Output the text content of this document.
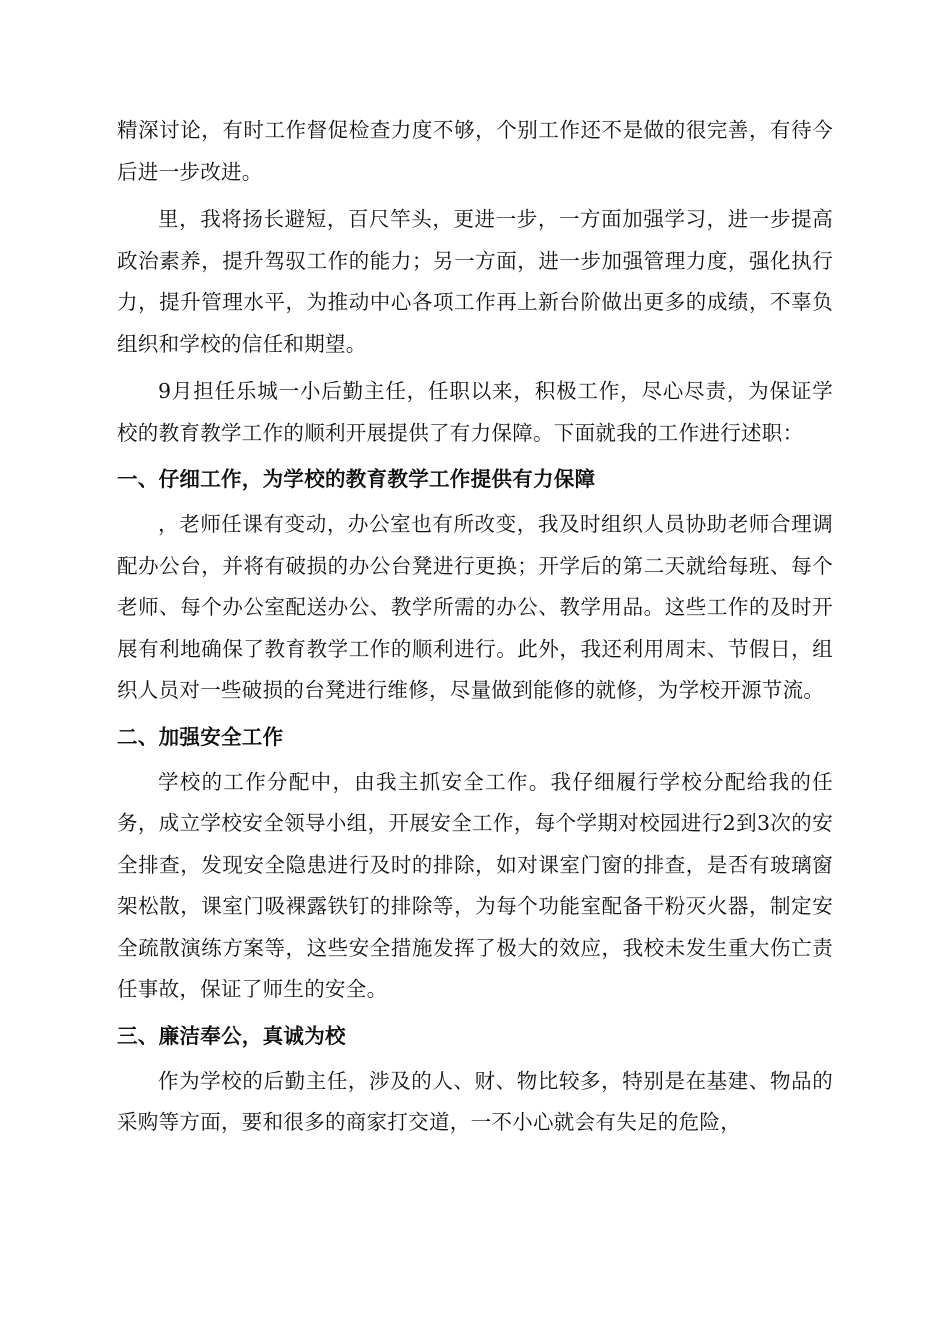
精深讨论，有时工作督促检查力度不够，个别工作还不是做的很完善，有待今后进一步改进。

里，我将扬长避短，百尺竿头，更进一步，一方面加强学习，进一步提高政治素养，提升驾驭工作的能力；另一方面，进一步加强管理力度，强化执行力，提升管理水平，为推动中心各项工作再上新台阶做出更多的成绩，不辜负组织和学校的信任和期望。

9月担任乐城一小后勤主任，任职以来，积极工作，尽心尽责，为保证学校的教育教学工作的顺利开展提供了有力保障。下面就我的工作进行述职：

一、仔细工作，为学校的教育教学工作提供有力保障

，老师任课有变动，办公室也有所改变，我及时组织人员协助老师合理调配办公台，并将有破损的办公台凳进行更换；开学后的第二天就给每班、每个老师、每个办公室配送办公、教学所需的办公、教学用品。这些工作的及时开展有利地确保了教育教学工作的顺利进行。此外，我还利用周末、节假日，组织人员对一些破损的台凳进行维修，尽量做到能修的就修，为学校开源节流。

二、加强安全工作

学校的工作分配中，由我主抓安全工作。我仔细履行学校分配给我的任务，成立学校安全领导小组，开展安全工作，每个学期对校园进行2到3次的安全排查，发现安全隐患进行及时的排除，如对课室门窗的排查，是否有玻璃窗架松散，课室门吸裸露铁钉的排除等，为每个功能室配备干粉灭火器，制定安全疏散演练方案等，这些安全措施发挥了极大的效应，我校未发生重大伤亡责任事故，保证了师生的安全。

三、廉洁奉公，真诚为校

作为学校的后勤主任，涉及的人、财、物比较多，特别是在基建、物品的采购等方面，要和很多的商家打交道，一不小心就会有失足的危险，
